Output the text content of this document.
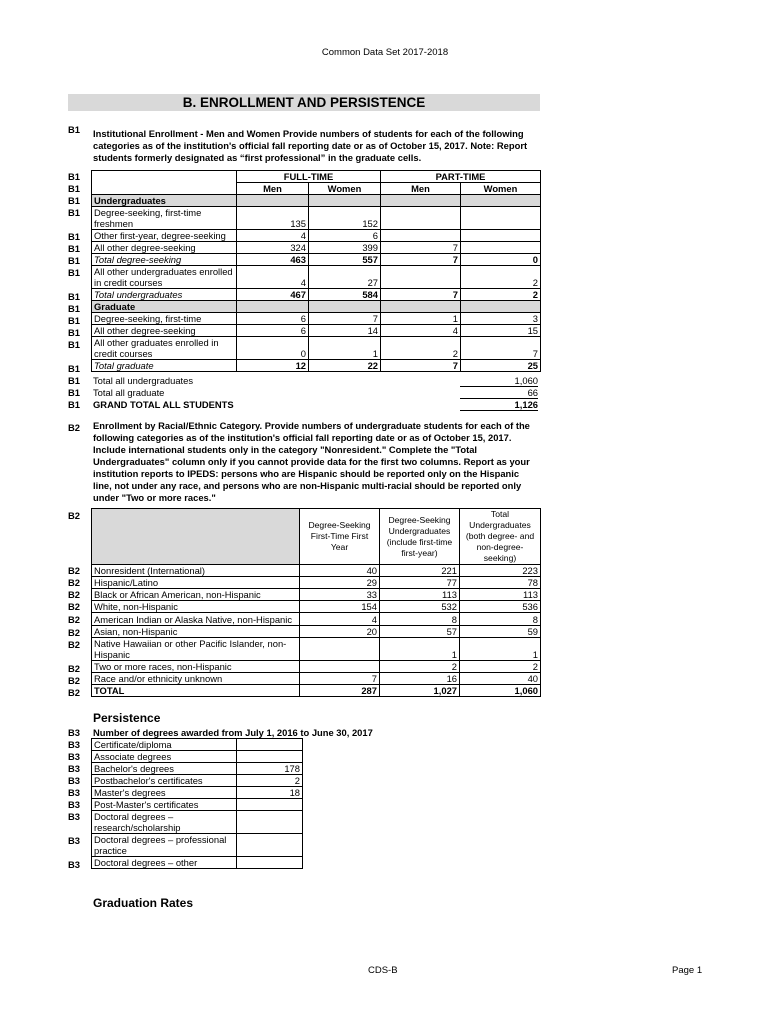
Common Data Set 2017-2018
B. ENROLLMENT AND PERSISTENCE
B1	Institutional Enrollment - Men and Women Provide numbers of students for each of the following categories as of the institution's official fall reporting date or as of October 15, 2017. Note: Report students formerly designated as “first professional” in the graduate cells.
B1
B1
B1
B1
B1
B1
B1
B1
B1
B1
B1
B1
B1
B1
B1
B1
B1
	FULL-TIME		PART-TIME	
	Men	Women	Men	Women
Undergraduates				
Degree-seeking, first-time freshmen	135	152		
Other first-year, degree-seeking	4	6		
All other degree-seeking	324	399	7	
Total degree-seeking	463	557	7	0
All other undergraduates enrolled in credit courses	4	27		2
Total undergraduates	467	584	7	2
Graduate				
Degree-seeking, first-time	6	7	1	3
All other degree-seeking	6	14	4	15
All other graduates enrolled in credit courses	0	1	2	7
Total graduate	12	22	7	25
Total all undergraduates	1,060
Total all graduate	66
GRAND TOTAL ALL STUDENTS	1,126
B2	Enrollment by Racial/Ethnic Category. Provide numbers of undergraduate students for each of the following categories as of the institution's official fall reporting date or as of October 15, 2017. Include international students only in the category "Nonresident." Complete the "Total Undergraduates" column only if you cannot provide data for the first two columns. Report as your institution reports to IPEDS: persons who are Hispanic should be reported only on the Hispanic line, not under any race, and persons who are non-Hispanic multi-racial should be reported only under "Two or more races."
B2
B2
B2
B2
B2
B2
B2
B2
B2
B2
B2
	Degree-Seeking First-Time First Year	Degree-Seeking Undergraduates (include first-time first-year)	Total Undergraduates (both degree- and non-degree-seeking)
Nonresident (International)	40	221	223
Hispanic/Latino	29	77	78
Black or African American, non-Hispanic	33	113	113
White, non-Hispanic	154	532	536
American Indian or Alaska Native, non-Hispanic	4	8	8
Asian, non-Hispanic	20	57	59
Native Hawaiian or other Pacific Islander, non-Hispanic		1	1
Two or more races, non-Hispanic		2	2
Race and/or ethnicity unknown	7	16	40
TOTAL	287	1,027	1,060
Persistence
B3
B3
B3
B3
B3
B3
B3
B3
B3
B3
Number of degrees awarded from July 1, 2016 to June 30, 2017
Certificate/diploma	
Associate degrees	
Bachelor's degrees	178
Postbachelor's certificates	2
Master's degrees	18
Post-Master's certificates	
Doctoral degrees – research/scholarship	
Doctoral degrees – professional practice	
Doctoral degrees – other	
Graduation Rates
CDS-B	Page 1
